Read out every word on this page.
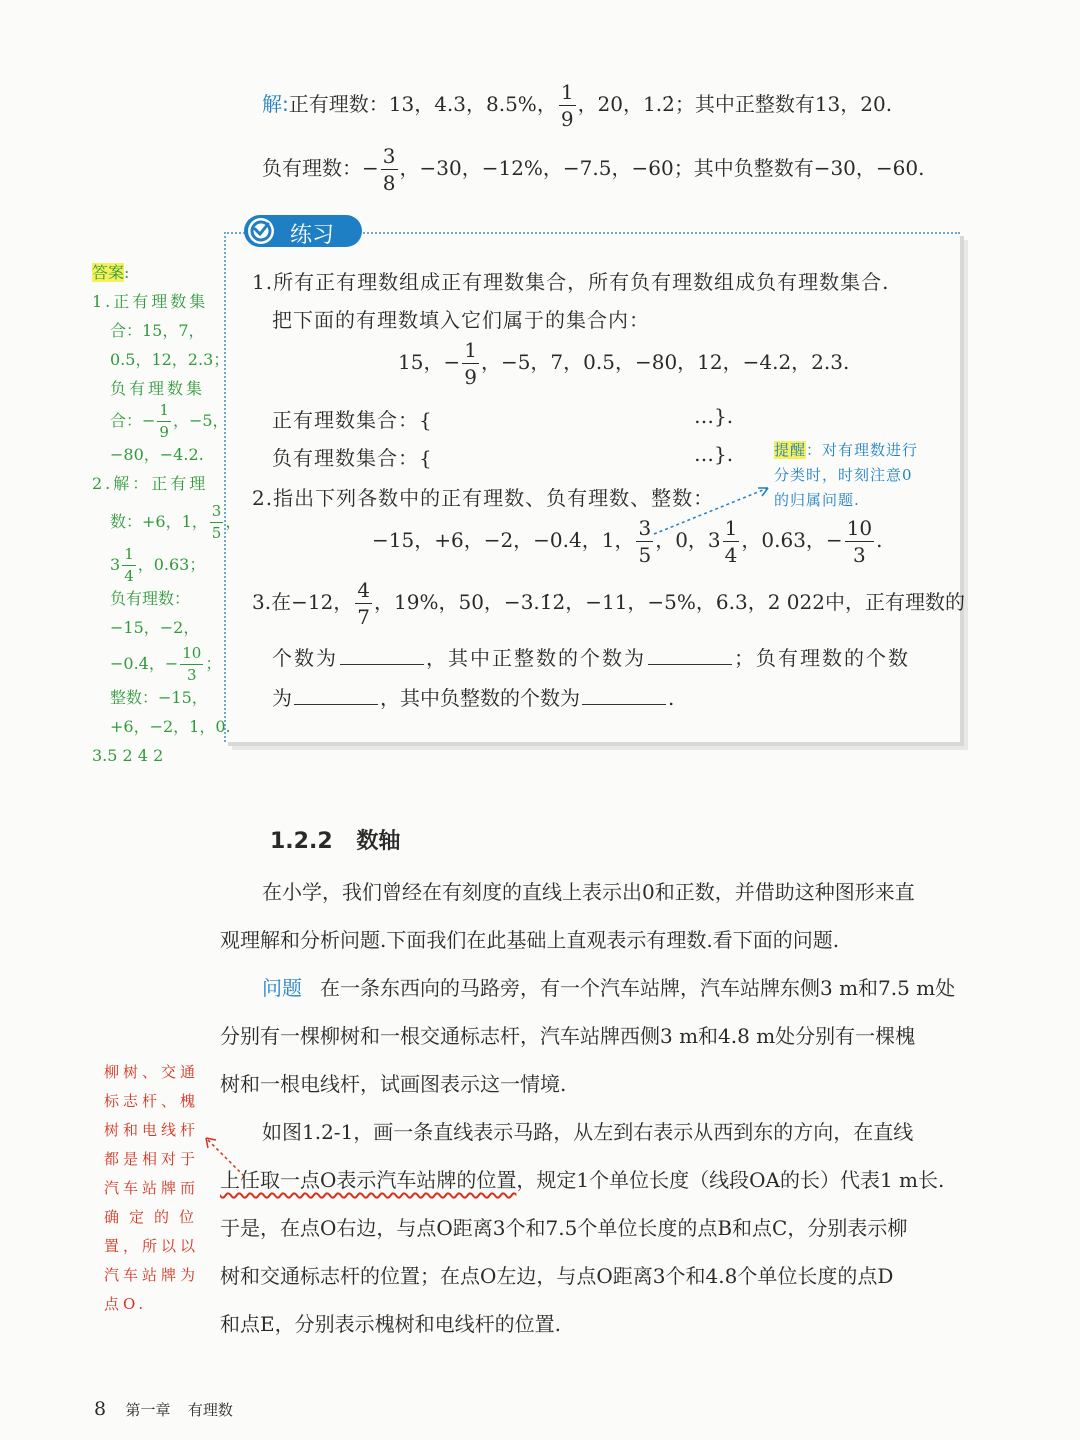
解:正有理数：13，4.3，8.5%， $\frac{1}{9}$ ，20，1.2̇；其中正整数有13，20.
负有理数：− $\frac{3}{8}$ ，−30，−12%，−7.5，−60；其中负整数有−30，−60.
练习
1.所有正有理数组成正有理数集合，所有负有理数组成负有理数集合.
把下面的有理数填入它们属于的集合内：
15，− $\frac{1}{9}$ ，−5，7，0.5，−80，12，−4.2，2.3.
正有理数集合：{	…}.
负有理数集合：{	…}.
2.指出下列各数中的正有理数、负有理数、整数：
−15，+6，−2，−0.4̇，1， $\frac{3}{5}$ ，0，$3 \frac{1}{4}$ ，0.63，− $\frac{10}{3}$ .
3.在−12， $\frac{4}{7}$ ，19%，50，−3.1̇2̇，−11，−5%，6.3，2 022中，正有理数的
个数为	，其中正整数的个数为	；负有理数的个数
为	，其中负整数的个数为	.
提醒：对有理数进行
分类时，时刻注意0
的归属问题.
答案:
1.正有理数集
合：15，7，
0.5，12，2.3；
负有理数集
合：− $\frac{1}{9}$ ，−5，
−80，−4.2.
2.解：正有理
数：+6，1， $\frac{3}{5}$ ，
$3 \frac{1}{4}$ ，0.63；
负有理数：
−15，−2，
−0.4̇，− $\frac{10}{3}$ ；
整数：−15，
+6，−2，1，0.
3.5 2 4 2
1.2.2 数轴
在小学，我们曾经在有刻度的直线上表示出0和正数，并借助这种图形来直
观理解和分析问题.下面我们在此基础上直观表示有理数.看下面的问题.
问题 在一条东西向的马路旁，有一个汽车站牌，汽车站牌东侧3 m和7.5 m处
分别有一棵柳树和一根交通标志杆，汽车站牌西侧3 m和4.8 m处分别有一棵槐
树和一根电线杆，试画图表示这一情境.
如图1.2-1，画一条直线表示马路，从左到右表示从西到东的方向，在直线
上任取一点O表示汽车站牌的位置，规定1个单位长度（线段OA的长）代表1 m长.
于是，在点O右边，与点O距离3个和7.5个单位长度的点B和点C，分别表示柳
树和交通标志杆的位置；在点O左边，与点O距离3个和4.8个单位长度的点D
和点E，分别表示槐树和电线杆的位置.
柳树、交通
标志杆、槐
树和电线杆
都是相对于
汽车站牌而
确定的位
置，所以以
汽车站牌为
点O.
8 第一章 有理数
